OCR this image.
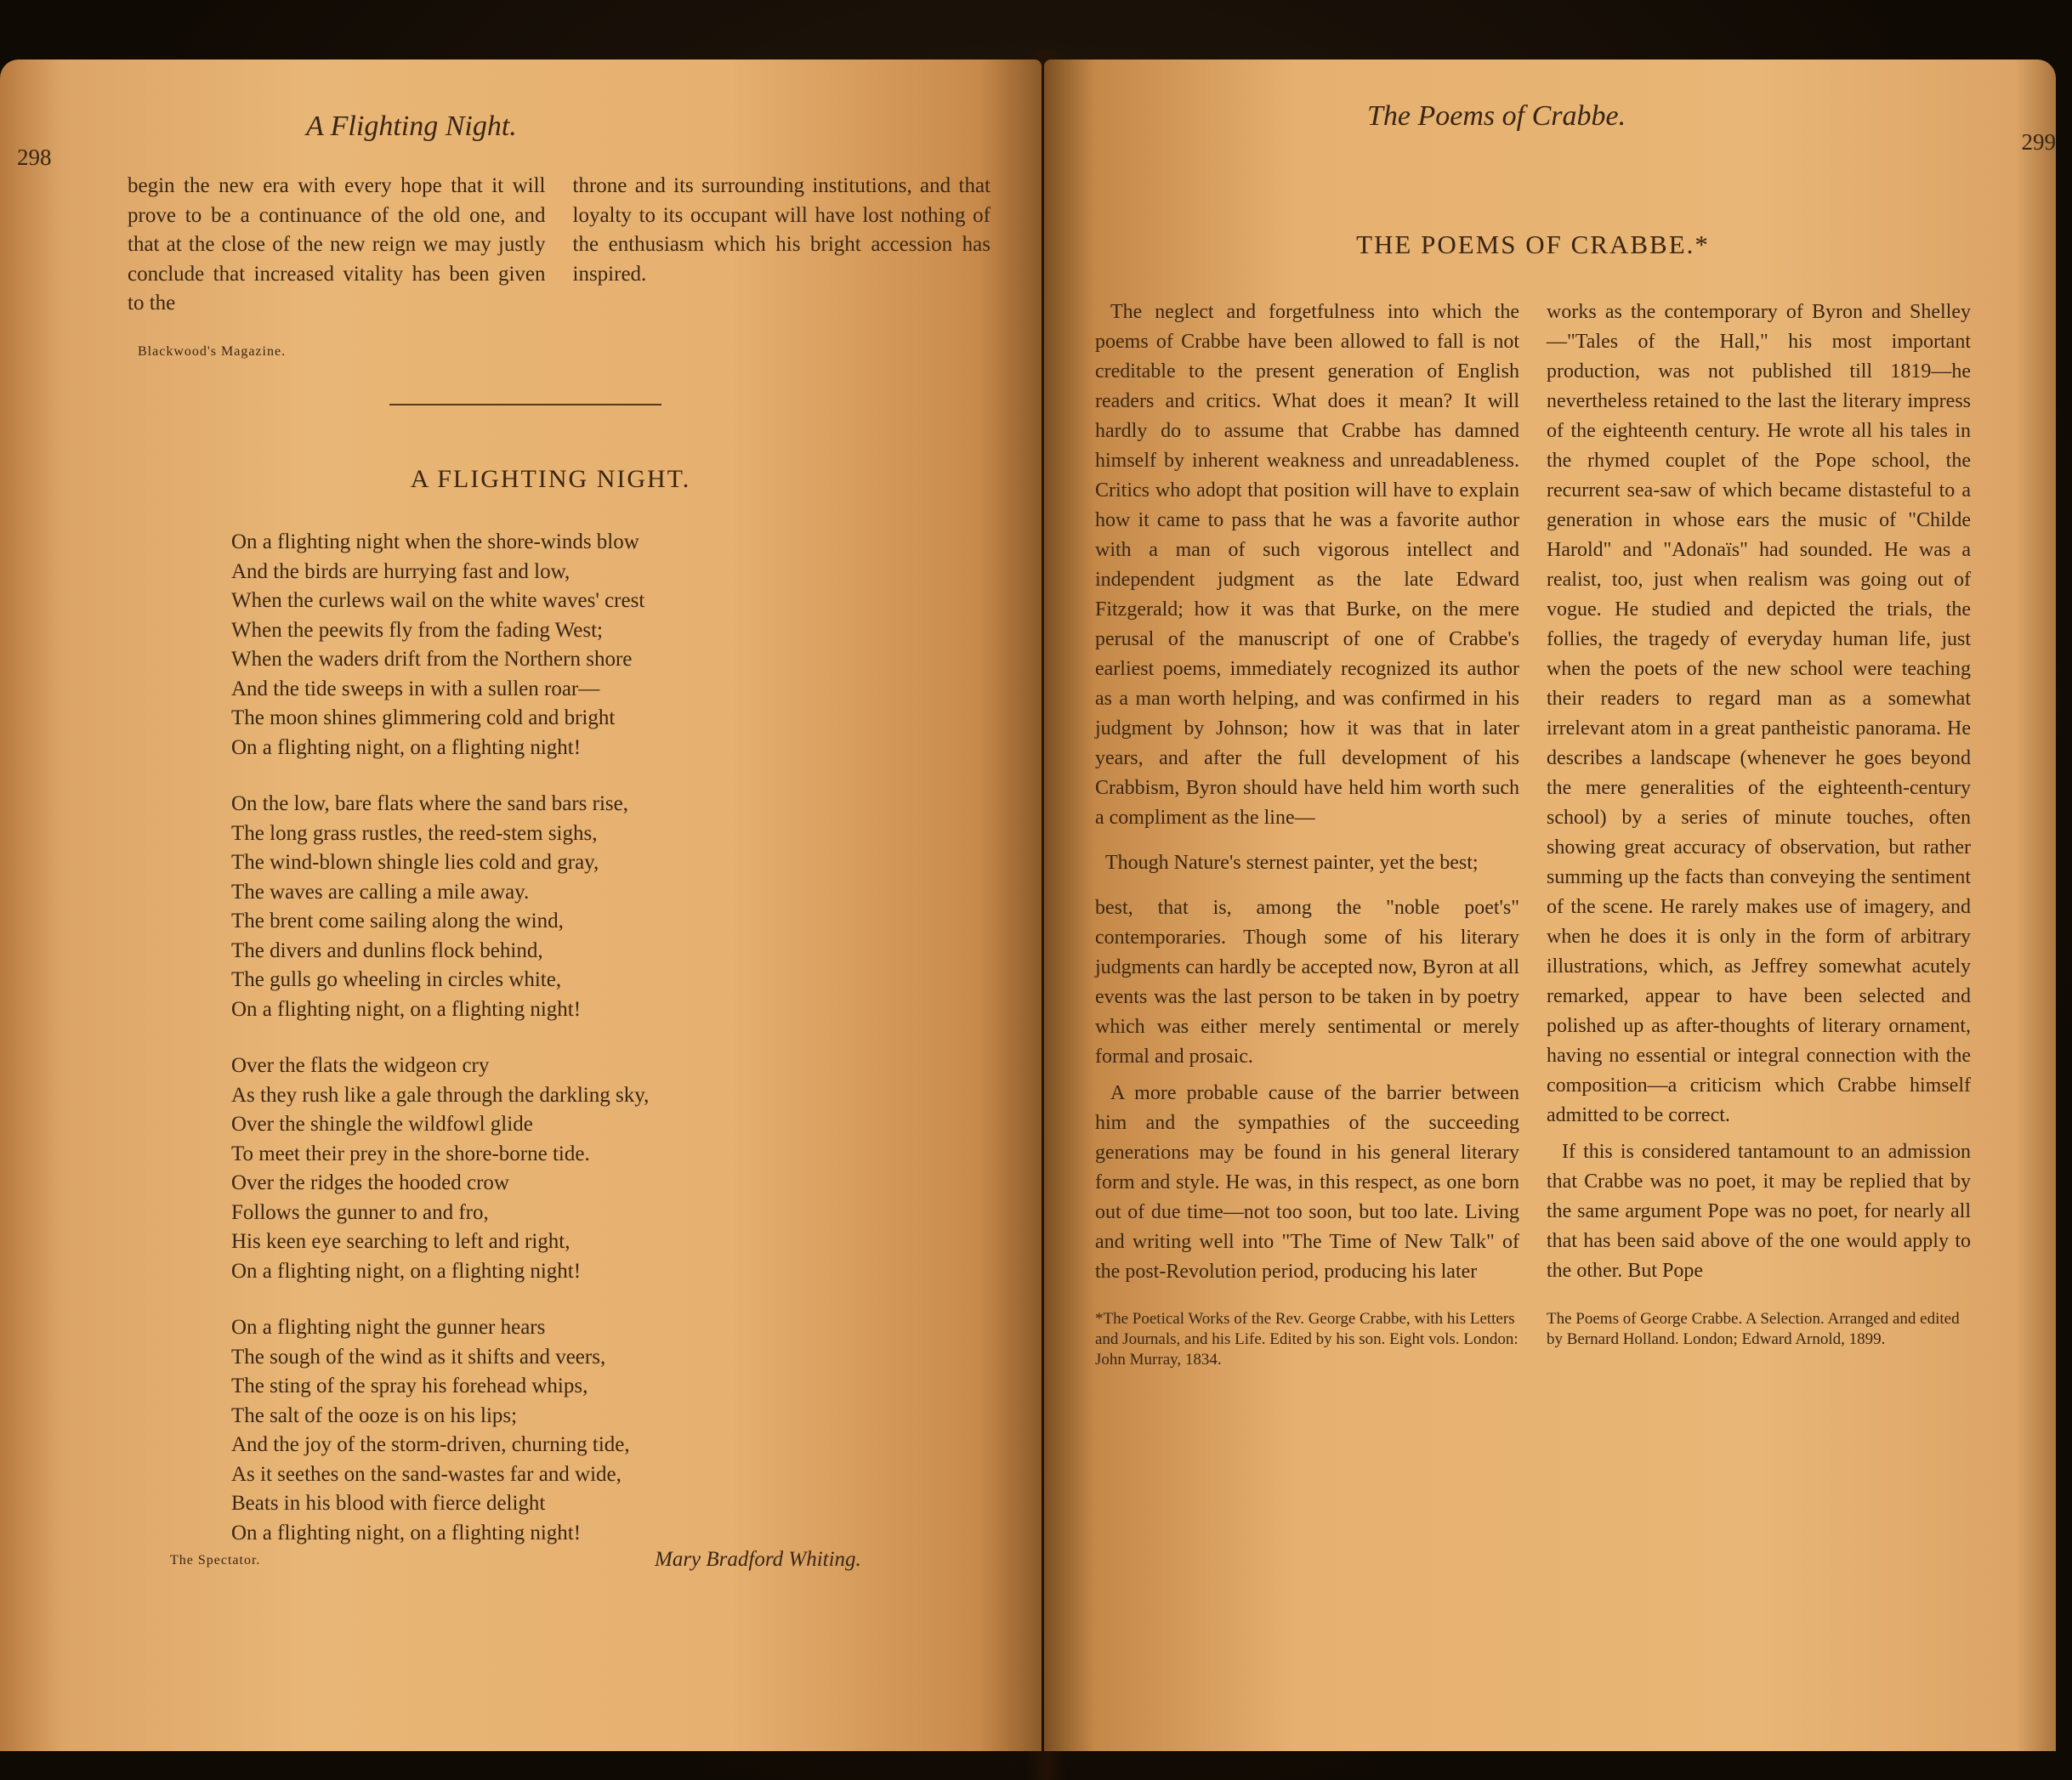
298
A Flighting Night.

begin the new era with every hope that it will prove to be a continuance of the old one, and that at the close of the new reign we may justly conclude that increased vitality has been given to the

Blackwood's Magazine.

throne and its surrounding institutions, and that loyalty to its occupant will have lost nothing of the enthusiasm which his bright accession has inspired.

A FLIGHTING NIGHT.
On a flighting night when the shore-winds blow
And the birds are hurrying fast and low,
When the curlews wail on the white waves' crest
When the peewits fly from the fading West;
When the waders drift from the Northern shore
And the tide sweeps in with a sullen roar—
The moon shines glimmering cold and bright
On a flighting night, on a flighting night!
On the low, bare flats where the sand bars rise,
The long grass rustles, the reed-stem sighs,
The wind-blown shingle lies cold and gray,
The waves are calling a mile away.
The brent come sailing along the wind,
The divers and dunlins flock behind,
The gulls go wheeling in circles white,
On a flighting night, on a flighting night!
Over the flats the widgeon cry
As they rush like a gale through the darkling sky,
Over the shingle the wildfowl glide
To meet their prey in the shore-borne tide.
Over the ridges the hooded crow
Follows the gunner to and fro,
His keen eye searching to left and right,
On a flighting night, on a flighting night!
On a flighting night the gunner hears
The sough of the wind as it shifts and veers,
The sting of the spray his forehead whips,
The salt of the ooze is on his lips;
And the joy of the storm-driven, churning tide,
As it seethes on the sand-wastes far and wide,
Beats in his blood with fierce delight
On a flighting night, on a flighting night!
The Spectator.	Mary Bradford Whiting.
The Poems of Crabbe.
299
THE POEMS OF CRABBE.*

The neglect and forgetfulness into which the poems of Crabbe have been allowed to fall is not creditable to the present generation of English readers and critics. What does it mean? It will hardly do to assume that Crabbe has damned himself by inherent weakness and unreadableness. Critics who adopt that position will have to explain how it came to pass that he was a favorite author with a man of such vigorous intellect and independent judgment as the late Edward Fitzgerald; how it was that Burke, on the mere perusal of the manuscript of one of Crabbe's earliest poems, immediately recognized its author as a man worth helping, and was confirmed in his judgment by Johnson; how it was that in later years, and after the full development of his Crabbism, Byron should have held him worth such a compliment as the line—

Though Nature's sternest painter, yet the best;

best, that is, among the "noble poet's" contemporaries. Though some of his literary judgments can hardly be accepted now, Byron at all events was the last person to be taken in by poetry which was either merely sentimental or merely formal and prosaic.

A more probable cause of the barrier between him and the sympathies of the succeeding generations may be found in his general literary form and style. He was, in this respect, as one born out of due time—not too soon, but too late. Living and writing well into "The Time of New Talk" of the post-Revolution period, producing his later

works as the contemporary of Byron and Shelley—"Tales of the Hall," his most important production, was not published till 1819—he nevertheless retained to the last the literary impress of the eighteenth century. He wrote all his tales in the rhymed couplet of the Pope school, the recurrent sea-saw of which became distasteful to a generation in whose ears the music of "Childe Harold" and "Adonaïs" had sounded. He was a realist, too, just when realism was going out of vogue. He studied and depicted the trials, the follies, the tragedy of everyday human life, just when the poets of the new school were teaching their readers to regard man as a somewhat irrelevant atom in a great pantheistic panorama. He describes a landscape (whenever he goes beyond the mere generalities of the eighteenth-century school) by a series of minute touches, often showing great accuracy of observation, but rather summing up the facts than conveying the sentiment of the scene. He rarely makes use of imagery, and when he does it is only in the form of arbitrary illustrations, which, as Jeffrey somewhat acutely remarked, appear to have been selected and polished up as after-thoughts of literary ornament, having no essential or integral connection with the composition—a criticism which Crabbe himself admitted to be correct.

If this is considered tantamount to an admission that Crabbe was no poet, it may be replied that by the same argument Pope was no poet, for nearly all that has been said above of the one would apply to the other. But Pope

*The Poetical Works of the Rev. George Crabbe, with his Letters and Journals, and his Life. Edited by his son. Eight vols. London: John Murray, 1834.
The Poems of George Crabbe. A Selection. Arranged and edited by Bernard Holland. London; Edward Arnold, 1899.
